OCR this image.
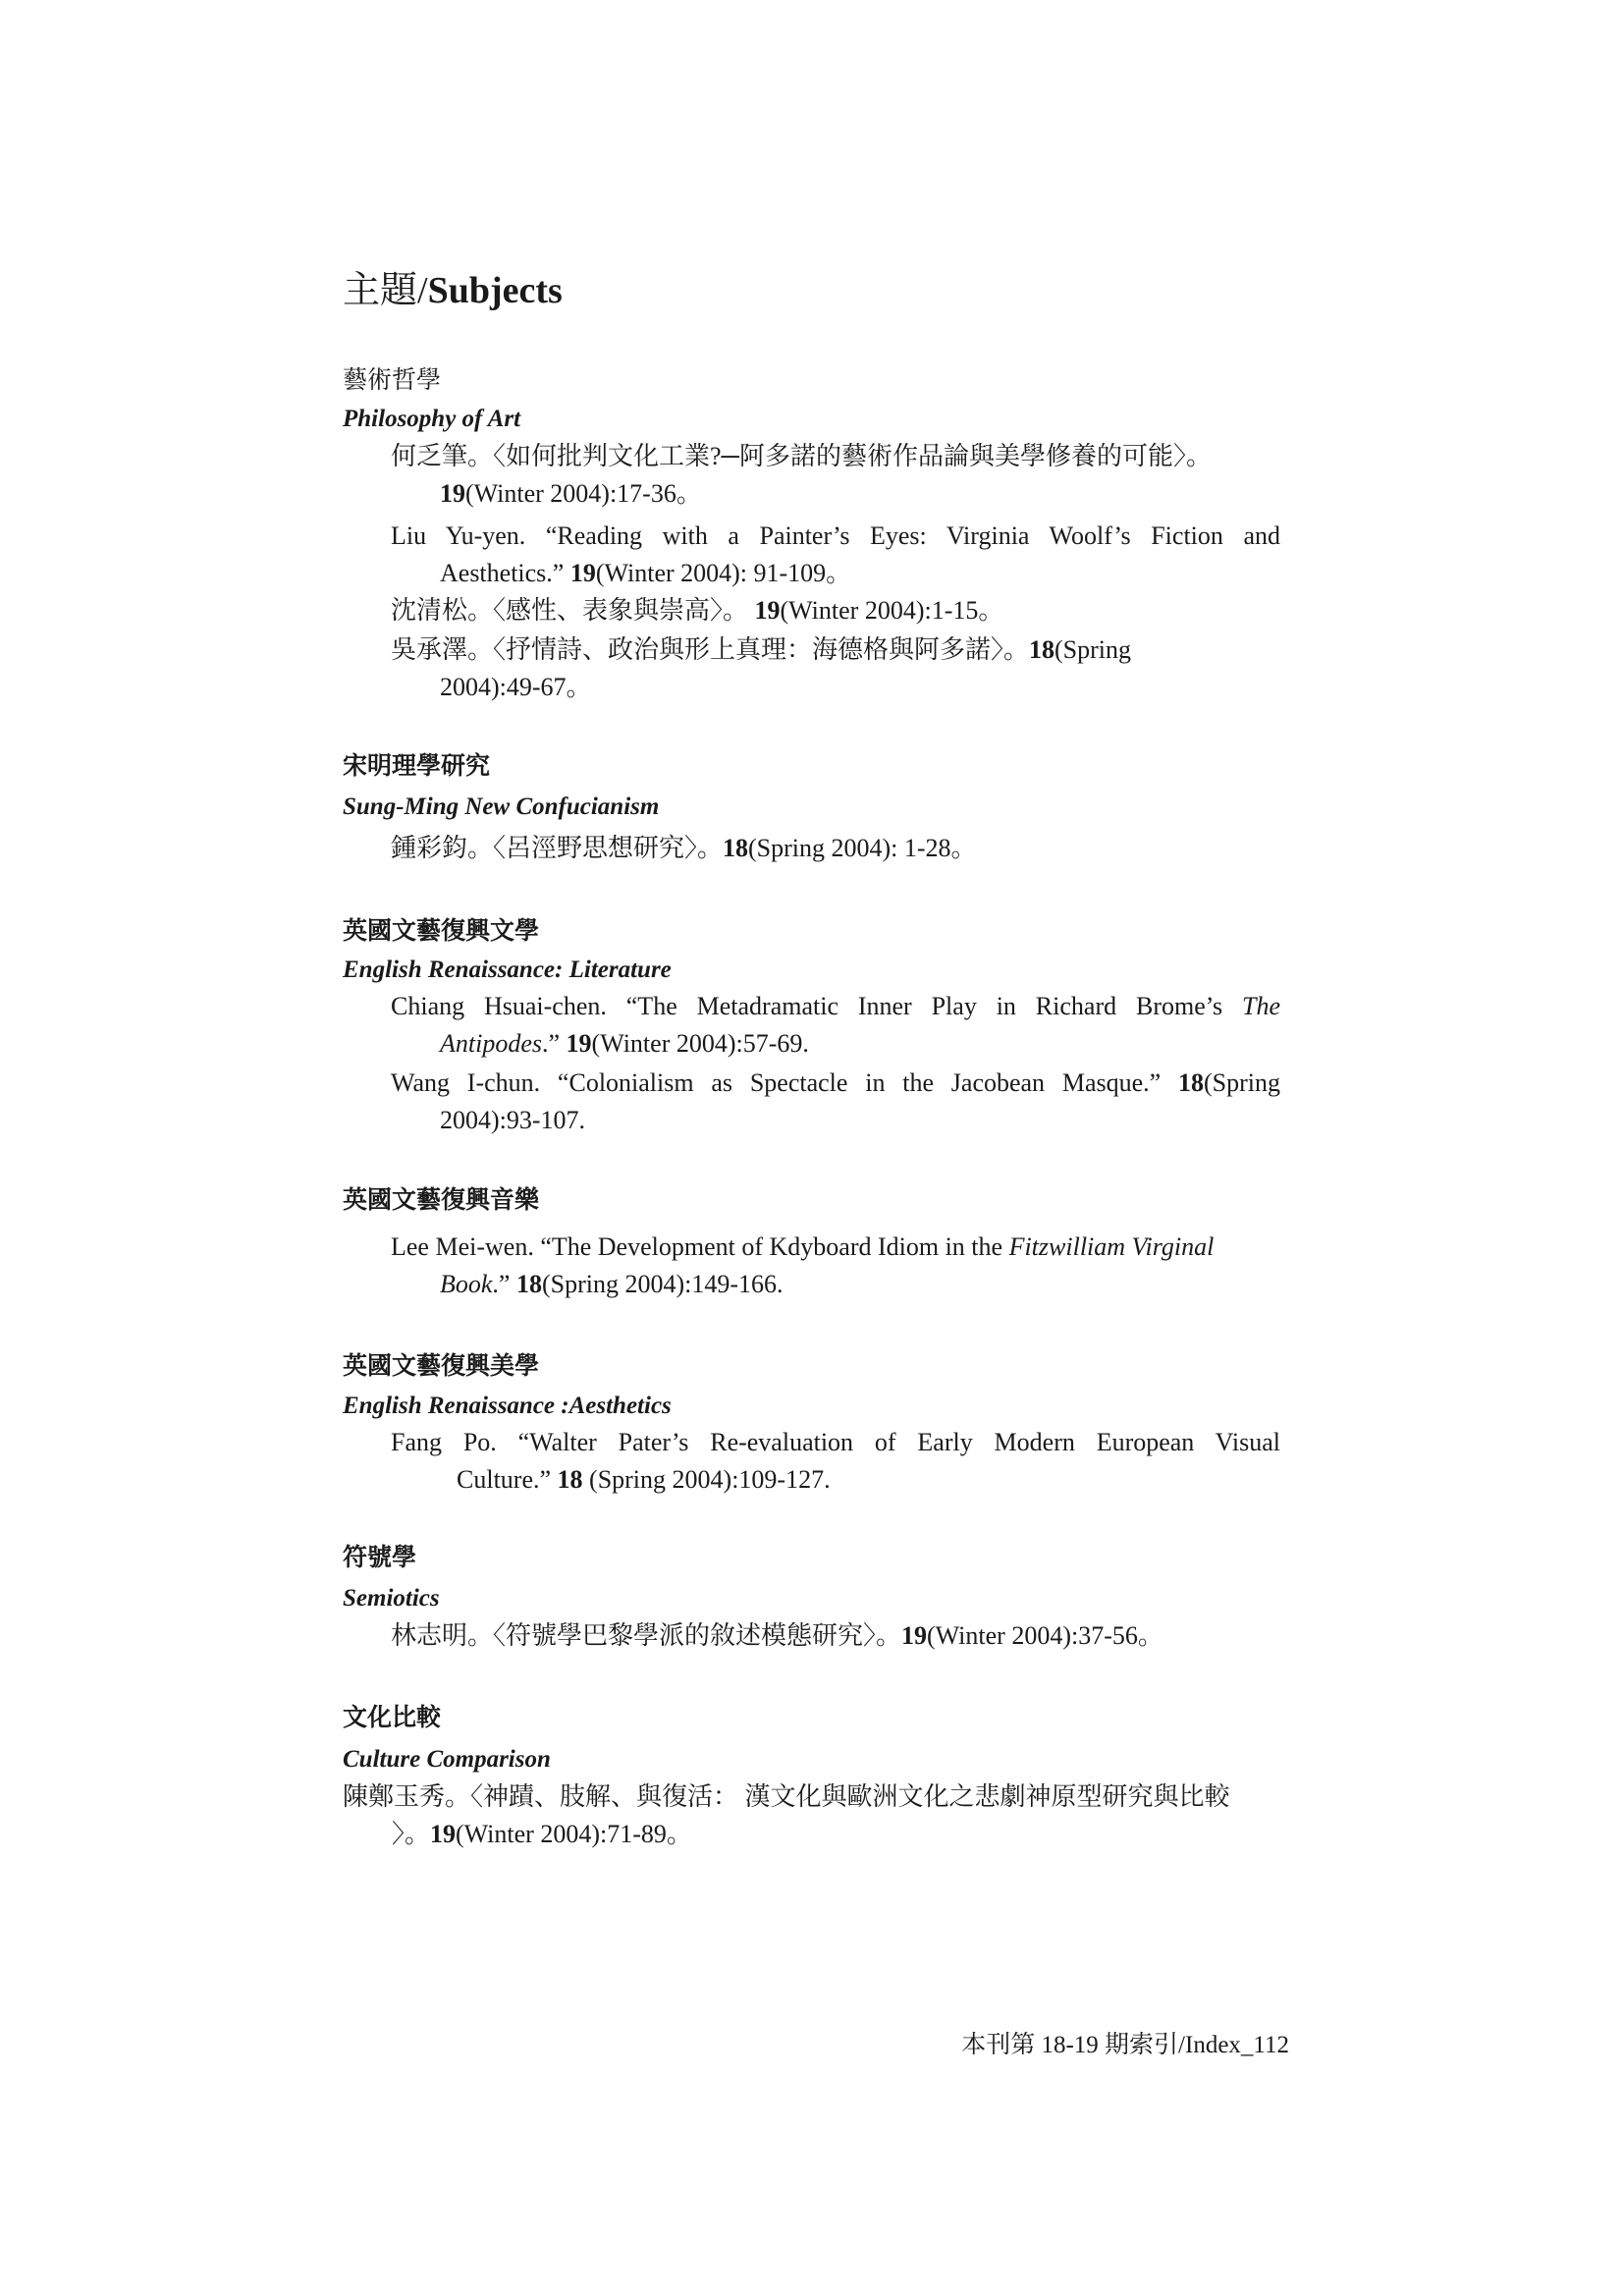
主題/Subjects
藝術哲學
Philosophy of Art
何乏筆。〈如何批判文化工業?─阿多諾的藝術作品論與美學修養的可能〉。
19(Winter 2004):17-36。
Liu Yu-yen. “Reading with a Painter’s Eyes: Virginia Woolf’s Fiction and
Aesthetics.” 19(Winter 2004): 91-109。
沈清松。〈感性、表象與崇高〉。 19(Winter 2004):1-15。
吳承澤。〈抒情詩、政治與形上真理：海德格與阿多諾〉。18(Spring
2004):49-67。
宋明理學研究
Sung-Ming New Confucianism
鍾彩鈞。〈呂涇野思想研究〉。18(Spring 2004): 1-28。
英國文藝復興文學
English Renaissance: Literature
Chiang Hsuai-chen. “The Metadramatic Inner Play in Richard Brome’s The
Antipodes.” 19(Winter 2004):57-69.
Wang I-chun. “Colonialism as Spectacle in the Jacobean Masque.” 18(Spring
2004):93-107.
英國文藝復興音樂
Lee Mei-wen. “The Development of Kdyboard Idiom in the Fitzwilliam Virginal
Book.” 18(Spring 2004):149-166.
英國文藝復興美學
English Renaissance :Aesthetics
Fang Po. “Walter Pater’s Re-evaluation of Early Modern European Visual
Culture.” 18 (Spring 2004):109-127.
符號學
Semiotics
林志明。〈符號學巴黎學派的敘述模態研究〉。19(Winter 2004):37-56。
文化比較
Culture Comparison
陳鄭玉秀。〈神蹟、肢解、與復活： 漢文化與歐洲文化之悲劇神原型研究與比較
〉。19(Winter 2004):71-89。
本刊第 18-19 期索引/Index_112
